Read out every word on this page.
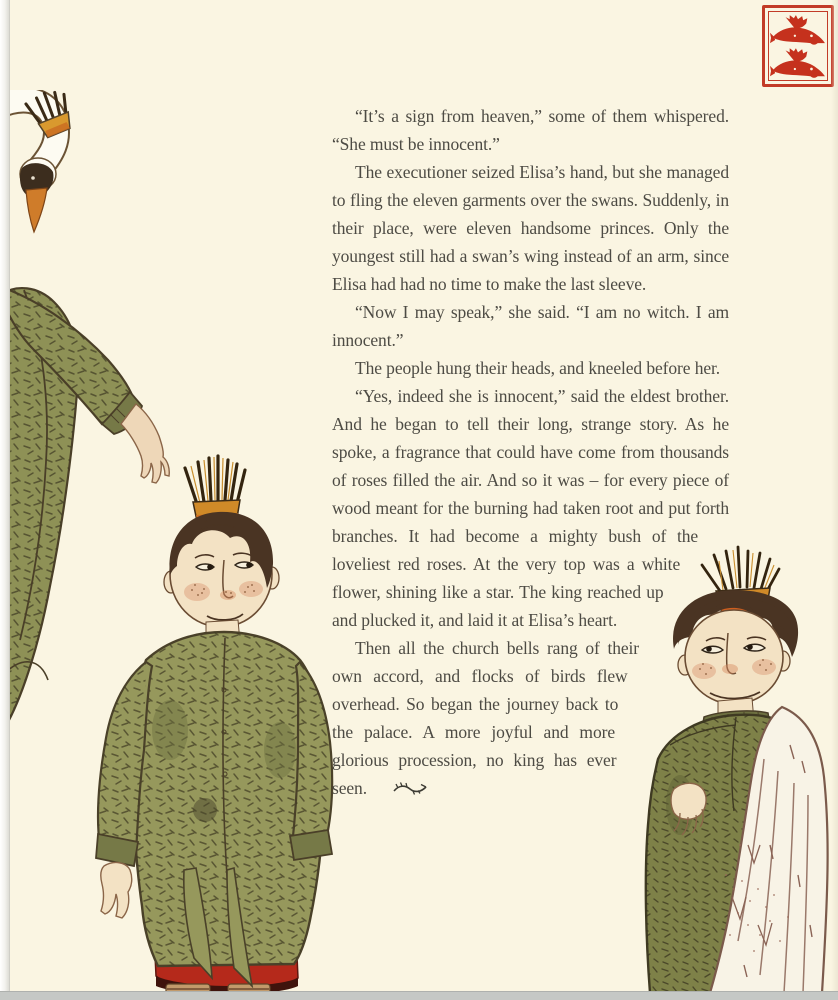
“It’s a sign from heaven,” some of them whispered. “She must be innocent.”

The executioner seized Elisa’s hand, but she managed to fling the eleven garments over the swans. Suddenly, in their place, were eleven handsome princes. Only the youngest still had a swan’s wing instead of an arm, since Elisa had had no time to make the last sleeve.

“Now I may speak,” she said. “I am no witch. I am innocent.”

The people hung their heads, and kneeled before her.

“Yes, indeed she is innocent,” said the eldest brother. And he began to tell their long, strange story. As he spoke, a fragrance that could have come from thousands of roses filled the air. And so it was – for every piece of wood meant for the burning had taken root and put forth branches. It had become a mighty bush of the loveliest red roses. At the very top was a white flower, shining like a star. The king reached up and plucked it, and laid it at Elisa’s heart.

Then all the church bells rang of their own accord, and flocks of birds flew overhead. So began the journey back to the palace. A more joyful and more glorious procession, no king has ever seen.
